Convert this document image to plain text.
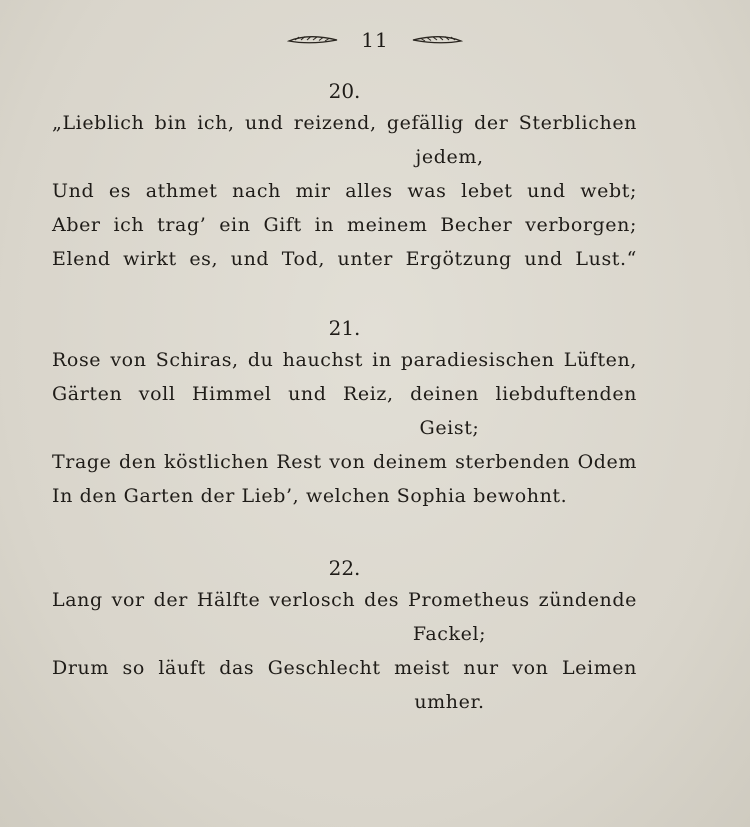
11
20.
„Lieblich bin ich, und reizend, gefällig der Sterblichen
jedem,
Und es athmet nach mir alles was lebet und webt;
Aber ich trag’ ein Gift in meinem Becher verborgen;
Elend wirkt es, und Tod, unter Ergötzung und Lust.“
21.
Rose von Schiras, du hauchst in paradiesischen Lüften,
Gärten voll Himmel und Reiz, deinen liebduftenden
Geist;
Trage den köstlichen Rest von deinem sterbenden Odem
In den Garten der Lieb’, welchen Sophia bewohnt.
22.
Lang vor der Hälfte verlosch des Prometheus zündende
Fackel;
Drum so läuft das Geschlecht meist nur von Leimen
umher.
